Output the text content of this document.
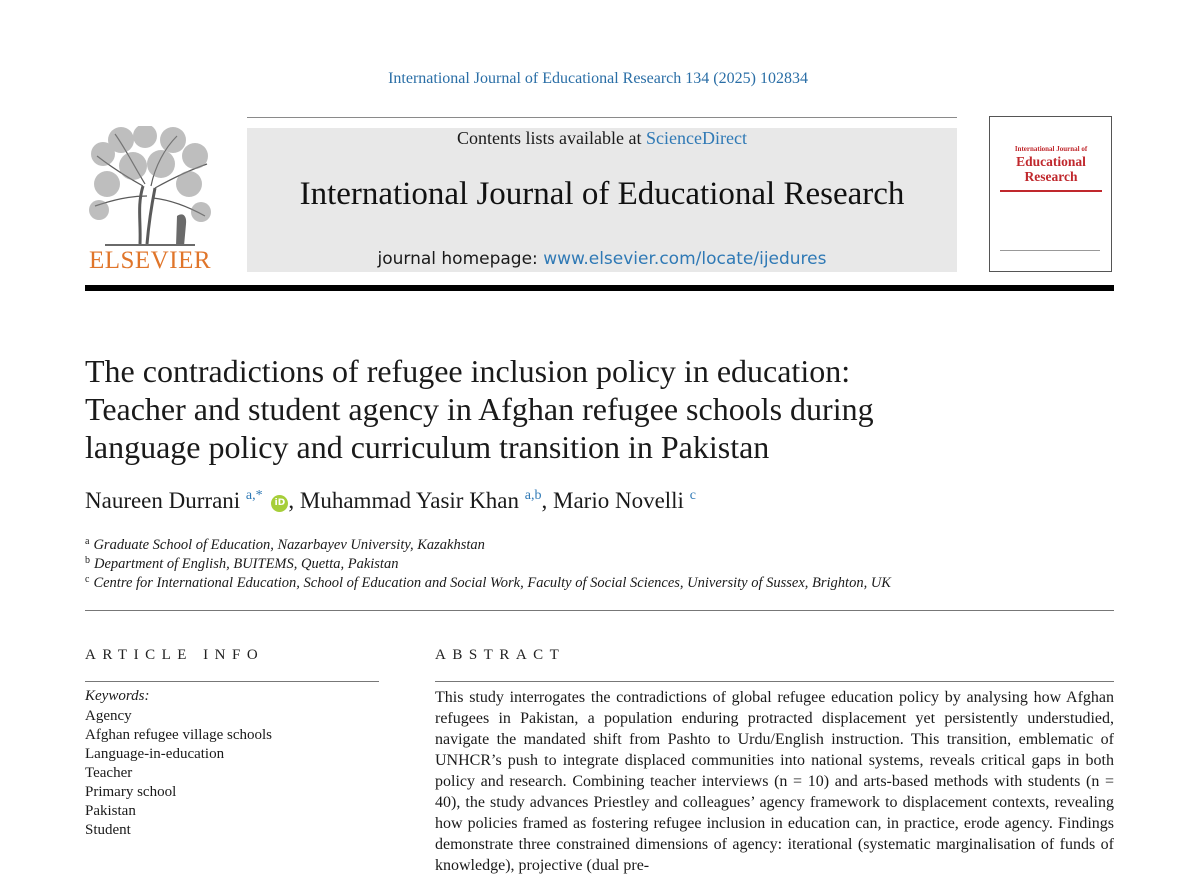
International Journal of Educational Research 134 (2025) 102834
ELSEVIER
Contents lists available at ScienceDirect
International Journal of Educational Research
journal homepage: www.elsevier.com/locate/ijedures
International Journal of
Educational
Research
The contradictions of refugee inclusion policy in education:
Teacher and student agency in Afghan refugee schools during
language policy and curriculum transition in Pakistan
Naureen Durrani $^{a,*}$ iD , Muhammad Yasir Khan $^{a,b}$, Mario Novelli $^c$
$^a$ Graduate School of Education, Nazarbayev University, Kazakhstan
$^b$ Department of English, BUITEMS, Quetta, Pakistan
$^c$ Centre for International Education, School of Education and Social Work, Faculty of Social Sciences, University of Sussex, Brighton, UK
ARTICLE INFO
Keywords:
Agency
Afghan refugee village schools
Language-in-education
Teacher
Primary school
Pakistan
Student
ABSTRACT
This study interrogates the contradictions of global refugee education policy by analysing how Afghan refugees in Pakistan, a population enduring protracted displacement yet persistently understudied, navigate the mandated shift from Pashto to Urdu/English instruction. This transition, emblematic of UNHCR’s push to integrate displaced communities into national systems, reveals critical gaps in both policy and research. Combining teacher interviews (n = 10) and arts-based methods with students (n = 40), the study advances Priestley and colleagues’ agency framework to displacement contexts, revealing how policies framed as fostering refugee inclusion in education can, in practice, erode agency. Findings demonstrate three constrained dimensions of agency: iterational (systematic marginalisation of funds of knowledge), projective (dual pre-
